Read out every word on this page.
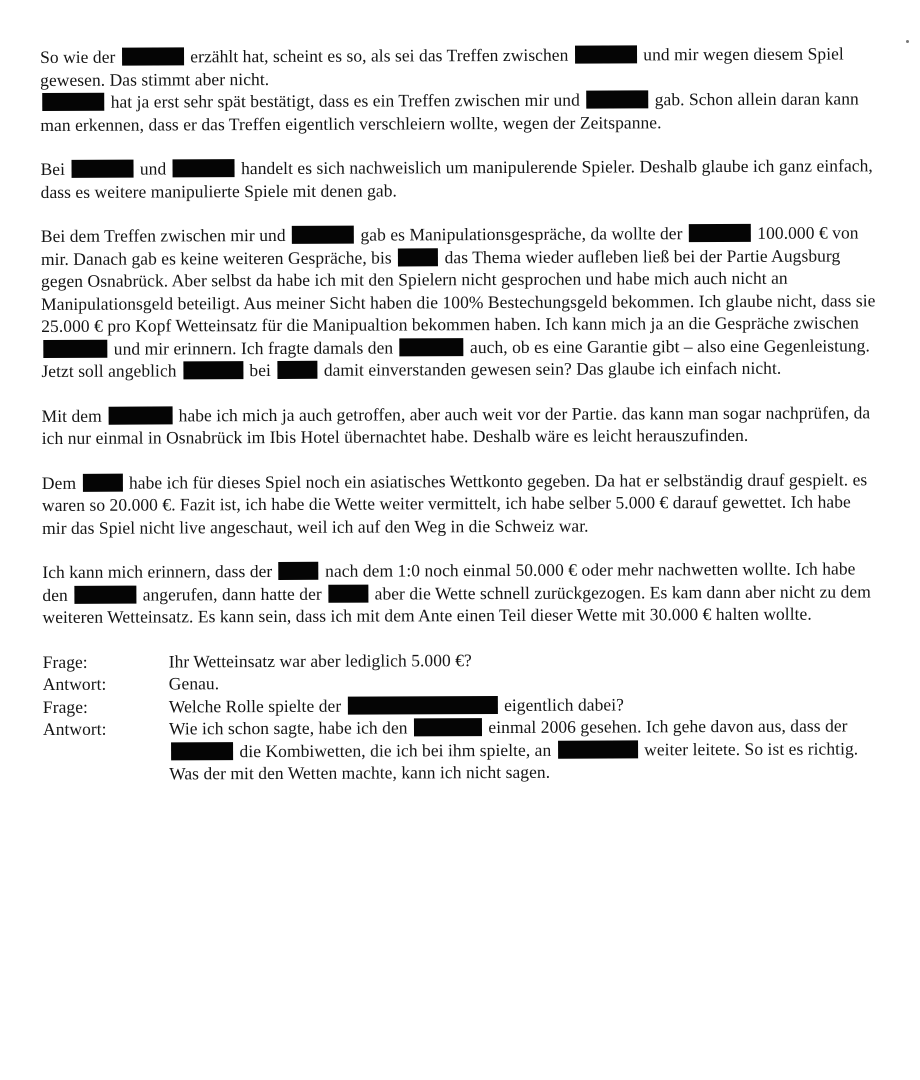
So wie der	erzählt hat, scheint es so, als sei das Treffen zwischen	und mir wegen diesem Spiel gewesen. Das stimmt aber nicht.
hat ja erst sehr spät bestätigt, dass es ein Treffen zwischen mir und	gab. Schon allein daran kann man erkennen, dass er das Treffen eigentlich verschleiern wollte, wegen der Zeitspanne.

Bei	und	handelt es sich nachweislich um manipulerende Spieler. Deshalb glaube ich ganz einfach, dass es weitere manipulierte Spiele mit denen gab.

Bei dem Treffen zwischen mir und	gab es Manipulationsgespräche, da wollte der	100.000 € von mir. Danach gab es keine weiteren Gespräche, bis	das Thema wieder aufleben ließ bei der Partie Augsburg gegen Osnabrück. Aber selbst da habe ich mit den Spielern nicht gesprochen und habe mich auch nicht an Manipulationsgeld beteiligt. Aus meiner Sicht haben die 100% Bestechungsgeld bekommen. Ich glaube nicht, dass sie 25.000 € pro Kopf Wetteinsatz für die Manipualtion bekommen haben. Ich kann mich ja an die Gespräche zwischen  und mir erinnern. Ich fragte damals den	auch, ob es eine Garantie gibt – also eine Gegenleistung. Jetzt soll angeblich	bei	damit einverstanden gewesen sein? Das glaube ich einfach nicht.

Mit dem	habe ich mich ja auch getroffen, aber auch weit vor der Partie. das kann man sogar nachprüfen, da ich nur einmal in Osnabrück im Ibis Hotel übernachtet habe. Deshalb wäre es leicht herauszufinden.

Dem	habe ich für dieses Spiel noch ein asiatisches Wettkonto gegeben. Da hat er selbständig drauf gespielt. es waren so 20.000 €. Fazit ist, ich habe die Wette weiter vermittelt, ich habe selber 5.000 € darauf gewettet. Ich habe mir das Spiel nicht live angeschaut, weil ich auf den Weg in die Schweiz war.

Ich kann mich erinnern, dass der	nach dem 1:0 noch einmal 50.000 € oder mehr nachwetten wollte. Ich habe den	angerufen, dann hatte der	aber die Wette schnell zurückgezogen. Es kam dann aber nicht zu dem weiteren Wetteinsatz. Es kann sein, dass ich mit dem Ante einen Teil dieser Wette mit 30.000 € halten wollte.

Frage:	Ihr Wetteinsatz war aber lediglich 5.000 €?
Antwort:	Genau.
Frage:	Welche Rolle spielte der	eigentlich dabei?
Antwort:	Wie ich schon sagte, habe ich den	einmal 2006 gesehen. Ich gehe davon aus, dass der  die Kombiwetten, die ich bei ihm spielte, an	weiter leitete. So ist es richtig. Was der mit den Wetten machte, kann ich nicht sagen.
